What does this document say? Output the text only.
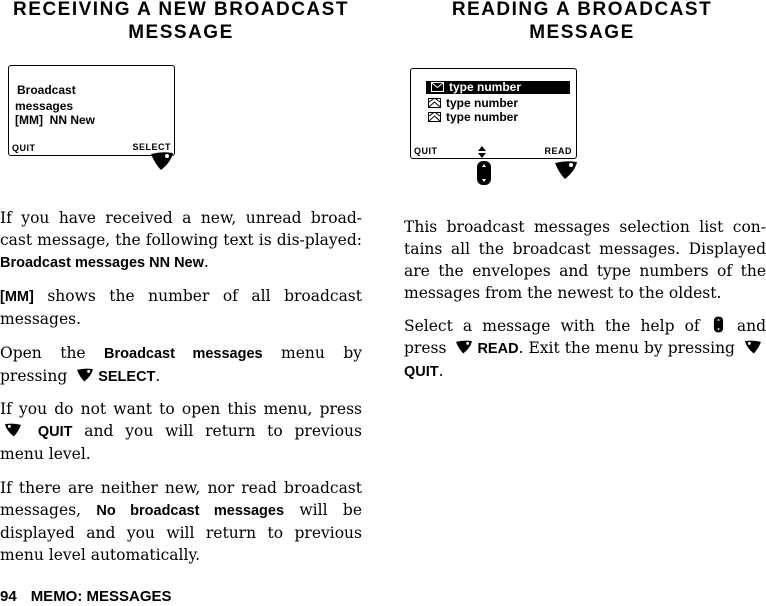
RECEIVING A NEW BROADCAST
MESSAGE
READING A BROADCAST
MESSAGE
Broadcast
messages
[MM] NN New
QUIT	SELECT
type number
type number
type number
QUIT	READ
If you have received a new, unread broad-cast message, the following text is dis-played: Broadcast messages NN New.
[MM] shows the number of all broadcast messages.
Open the Broadcast messages menu by pressing SELECT.
If you do not want to open this menu, press  QUIT and you will return to previous menu level.
If there are neither new, nor read broadcast messages, No broadcast messages will be displayed and you will return to previous menu level automatically.
This broadcast messages selection list con-tains all the broadcast messages. Displayed are the envelopes and type numbers of the messages from the newest to the oldest.
Select a message with the help of  and press READ. Exit the menu by pressing QUIT.
94 MEMO: MESSAGES
